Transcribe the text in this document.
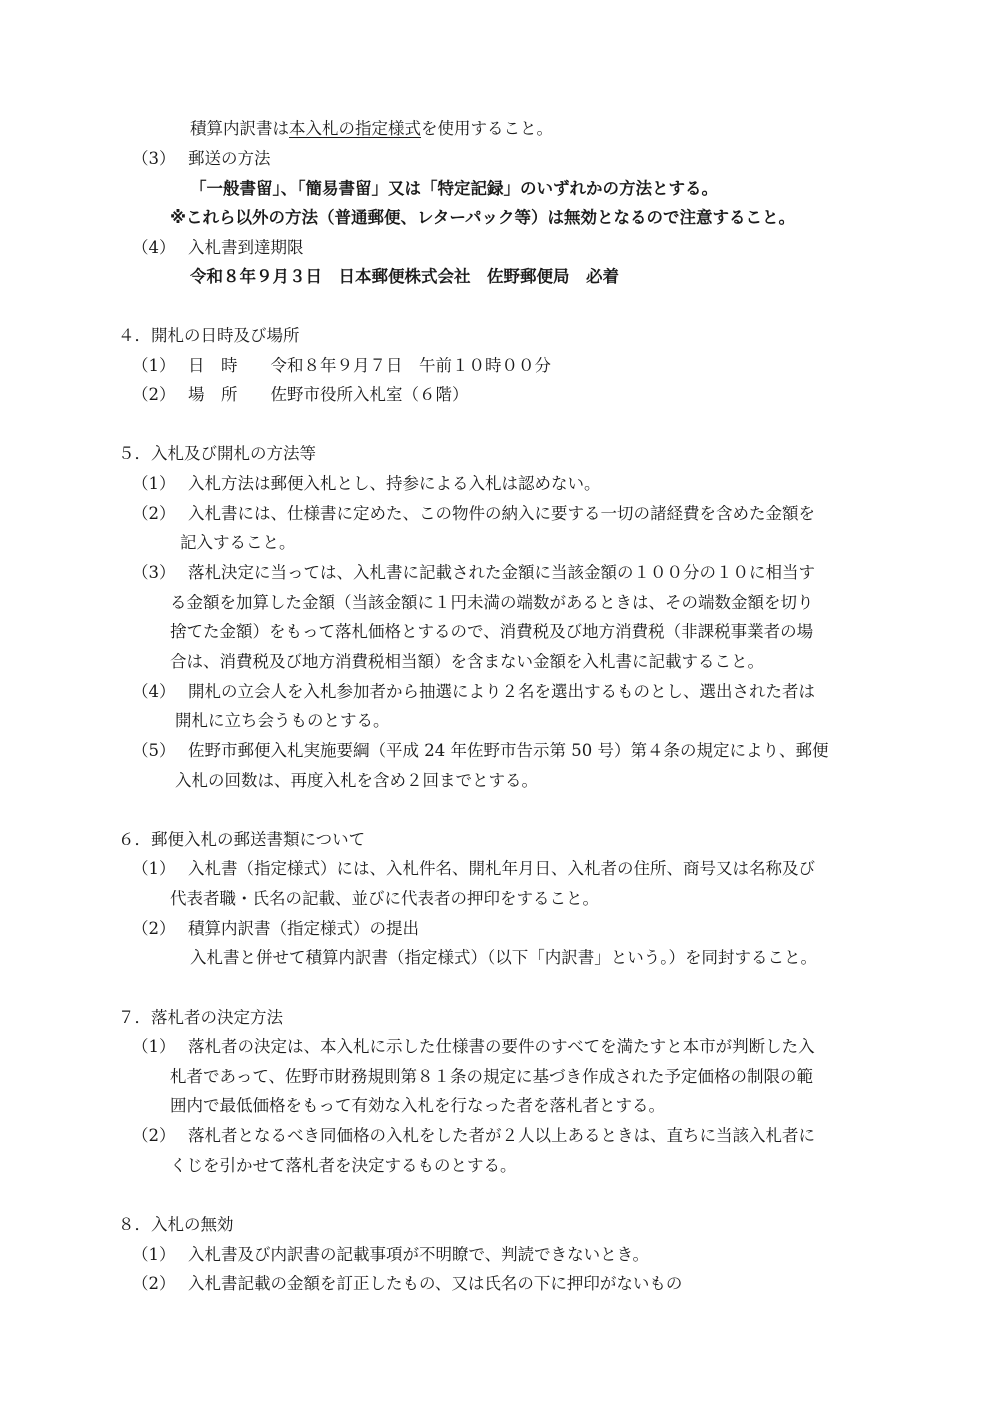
積算内訳書は本入札の指定様式を使用すること。
（3） 郵送の方法
「一般書留」、「簡易書留」又は「特定記録」のいずれかの方法とする。
※これら以外の方法（普通郵便、レターパック等）は無効となるので注意すること。
（4） 入札書到達期限
令和８年９月３日　日本郵便株式会社　佐野郵便局　必着
４．開札の日時及び場所
（1） 日　時　　令和８年９月７日　午前１０時００分
（2） 場　所　　佐野市役所入札室（６階）
５．入札及び開札の方法等
（1） 入札方法は郵便入札とし、持参による入札は認めない。
（2） 入札書には、仕様書に定めた、この物件の納入に要する一切の諸経費を含めた金額を
記入すること。
（3） 落札決定に当っては、入札書に記載された金額に当該金額の１００分の１０に相当す
る金額を加算した金額（当該金額に１円未満の端数があるときは、その端数金額を切り
捨てた金額）をもって落札価格とするので、消費税及び地方消費税（非課税事業者の場
合は、消費税及び地方消費税相当額）を含まない金額を入札書に記載すること。
（4） 開札の立会人を入札参加者から抽選により２名を選出するものとし、選出された者は
開札に立ち会うものとする。
（5） 佐野市郵便入札実施要綱（平成 24 年佐野市告示第 50 号）第４条の規定により、郵便
入札の回数は、再度入札を含め２回までとする。
６．郵便入札の郵送書類について
（1） 入札書（指定様式）には、入札件名、開札年月日、入札者の住所、商号又は名称及び
代表者職・氏名の記載、並びに代表者の押印をすること。
（2） 積算内訳書（指定様式）の提出
入札書と併せて積算内訳書（指定様式）（以下「内訳書」という。）を同封すること。
７．落札者の決定方法
（1） 落札者の決定は、本入札に示した仕様書の要件のすべてを満たすと本市が判断した入
札者であって、佐野市財務規則第８１条の規定に基づき作成された予定価格の制限の範
囲内で最低価格をもって有効な入札を行なった者を落札者とする。
（2） 落札者となるべき同価格の入札をした者が２人以上あるときは、直ちに当該入札者に
くじを引かせて落札者を決定するものとする。
８．入札の無効
（1） 入札書及び内訳書の記載事項が不明瞭で、判読できないとき。
（2） 入札書記載の金額を訂正したもの、又は氏名の下に押印がないもの
